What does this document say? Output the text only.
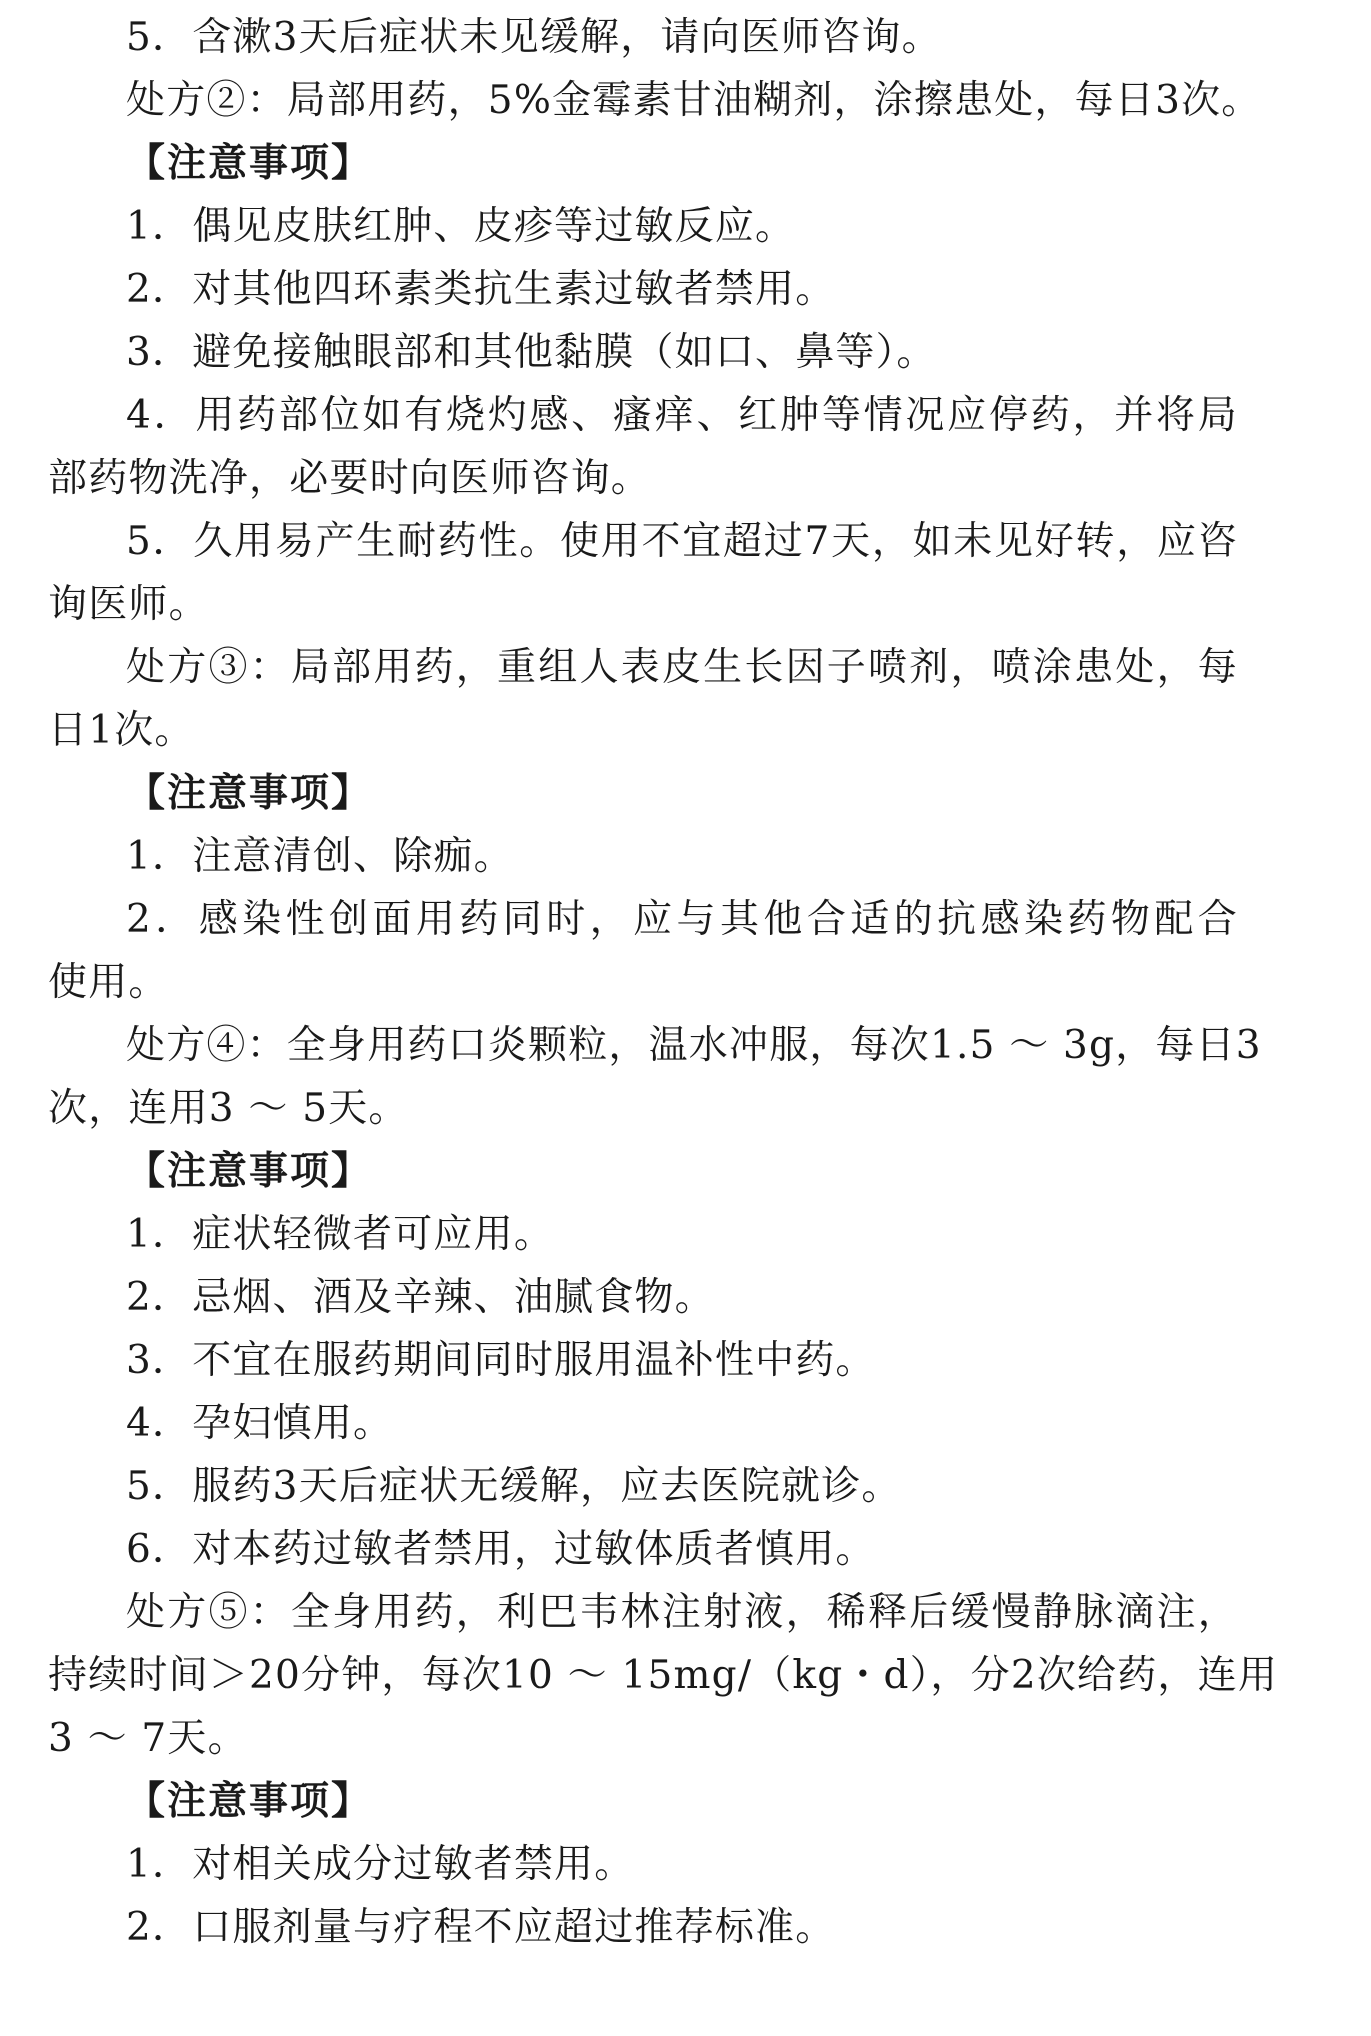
5．含漱3天后症状未见缓解，请向医师咨询。
处方②：局部用药，5%金霉素甘油糊剂，涂擦患处，每日3次。
【注意事项】
1．偶见皮肤红肿、皮疹等过敏反应。
2．对其他四环素类抗生素过敏者禁用。
3．避免接触眼部和其他黏膜（如口、鼻等）。
4．用药部位如有烧灼感、瘙痒、红肿等情况应停药，并将局
部药物洗净，必要时向医师咨询。
5．久用易产生耐药性。使用不宜超过7天，如未见好转，应咨
询医师。
处方③：局部用药，重组人表皮生长因子喷剂，喷涂患处，每
日1次。
【注意事项】
1．注意清创、除痂。
2．感染性创面用药同时，应与其他合适的抗感染药物配合
使用。
处方④：全身用药口炎颗粒，温水冲服，每次1.5 ～ 3g，每日3
次，连用3 ～ 5天。
【注意事项】
1．症状轻微者可应用。
2．忌烟、酒及辛辣、油腻食物。
3．不宜在服药期间同时服用温补性中药。
4．孕妇慎用。
5．服药3天后症状无缓解，应去医院就诊。
6．对本药过敏者禁用，过敏体质者慎用。
处方⑤：全身用药，利巴韦林注射液，稀释后缓慢静脉滴注，
持续时间＞20分钟，每次10 ～ 15mg/（kg・d），分2次给药，连用
3 ～ 7天。
【注意事项】
1．对相关成分过敏者禁用。
2．口服剂量与疗程不应超过推荐标准。
